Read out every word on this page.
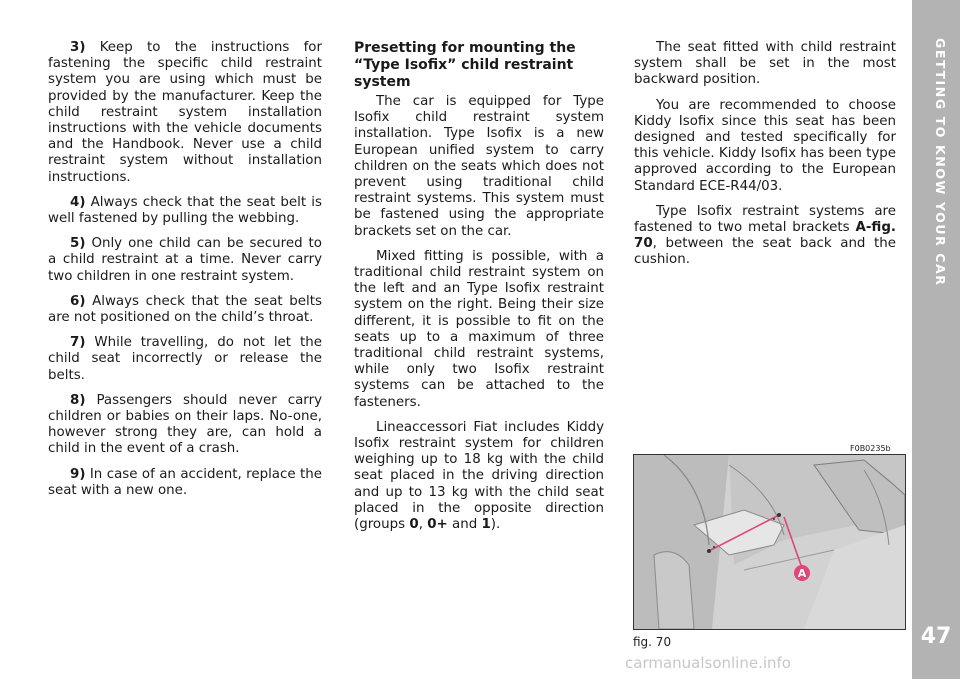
3) Keep to the instructions for fastening the specific child restraint system you are using which must be provided by the manufacturer. Keep the child restraint system installation instructions with the vehicle documents and the Handbook. Never use a child restraint system without installation instructions.

4) Always check that the seat belt is well fastened by pulling the webbing.

5) Only one child can be secured to a child restraint at a time. Never carry two children in one restraint system.

6) Always check that the seat belts are not positioned on the child’s throat.

7) While travelling, do not let the child seat incorrectly or release the belts.

8) Passengers should never carry children or babies on their laps. No-one, however strong they are, can hold a child in the event of a crash.

9) In case of an accident, replace the seat with a new one.

Presetting for mounting the “Type Isofix” child restraint system

The car is equipped for Type Isofix child restraint system installation. Type Isofix is a new European unified system to carry children on the seats which does not prevent using traditional child restraint systems. This system must be fastened using the appropriate brackets set on the car.

Mixed fitting is possible, with a traditional child restraint system on the left and an Type Isofix restraint system on the right. Being their size different, it is possible to fit on the seats up to a maximum of three traditional child restraint systems, while only two Isofix restraint systems can be attached to the fasteners.

Lineaccessori Fiat includes Kiddy Isofix restraint system for children weighing up to 18 kg with the child seat placed in the driving direction and up to 13 kg with the child seat placed in the opposite direction (groups 0, 0+ and 1).

The seat fitted with child restraint system shall be set in the most backward position.

You are recommended to choose Kiddy Isofix since this seat has been designed and tested specifically for this vehicle. Kiddy Isofix has been type approved according to the European Standard ECE-R44/03.

Type Isofix restraint systems are fastened to two metal brackets A-fig. 70, between the seat back and the cushion.

F0B0235b
A
fig. 70
GETTING TO KNOW YOUR CAR
47
carmanualsonline.info
